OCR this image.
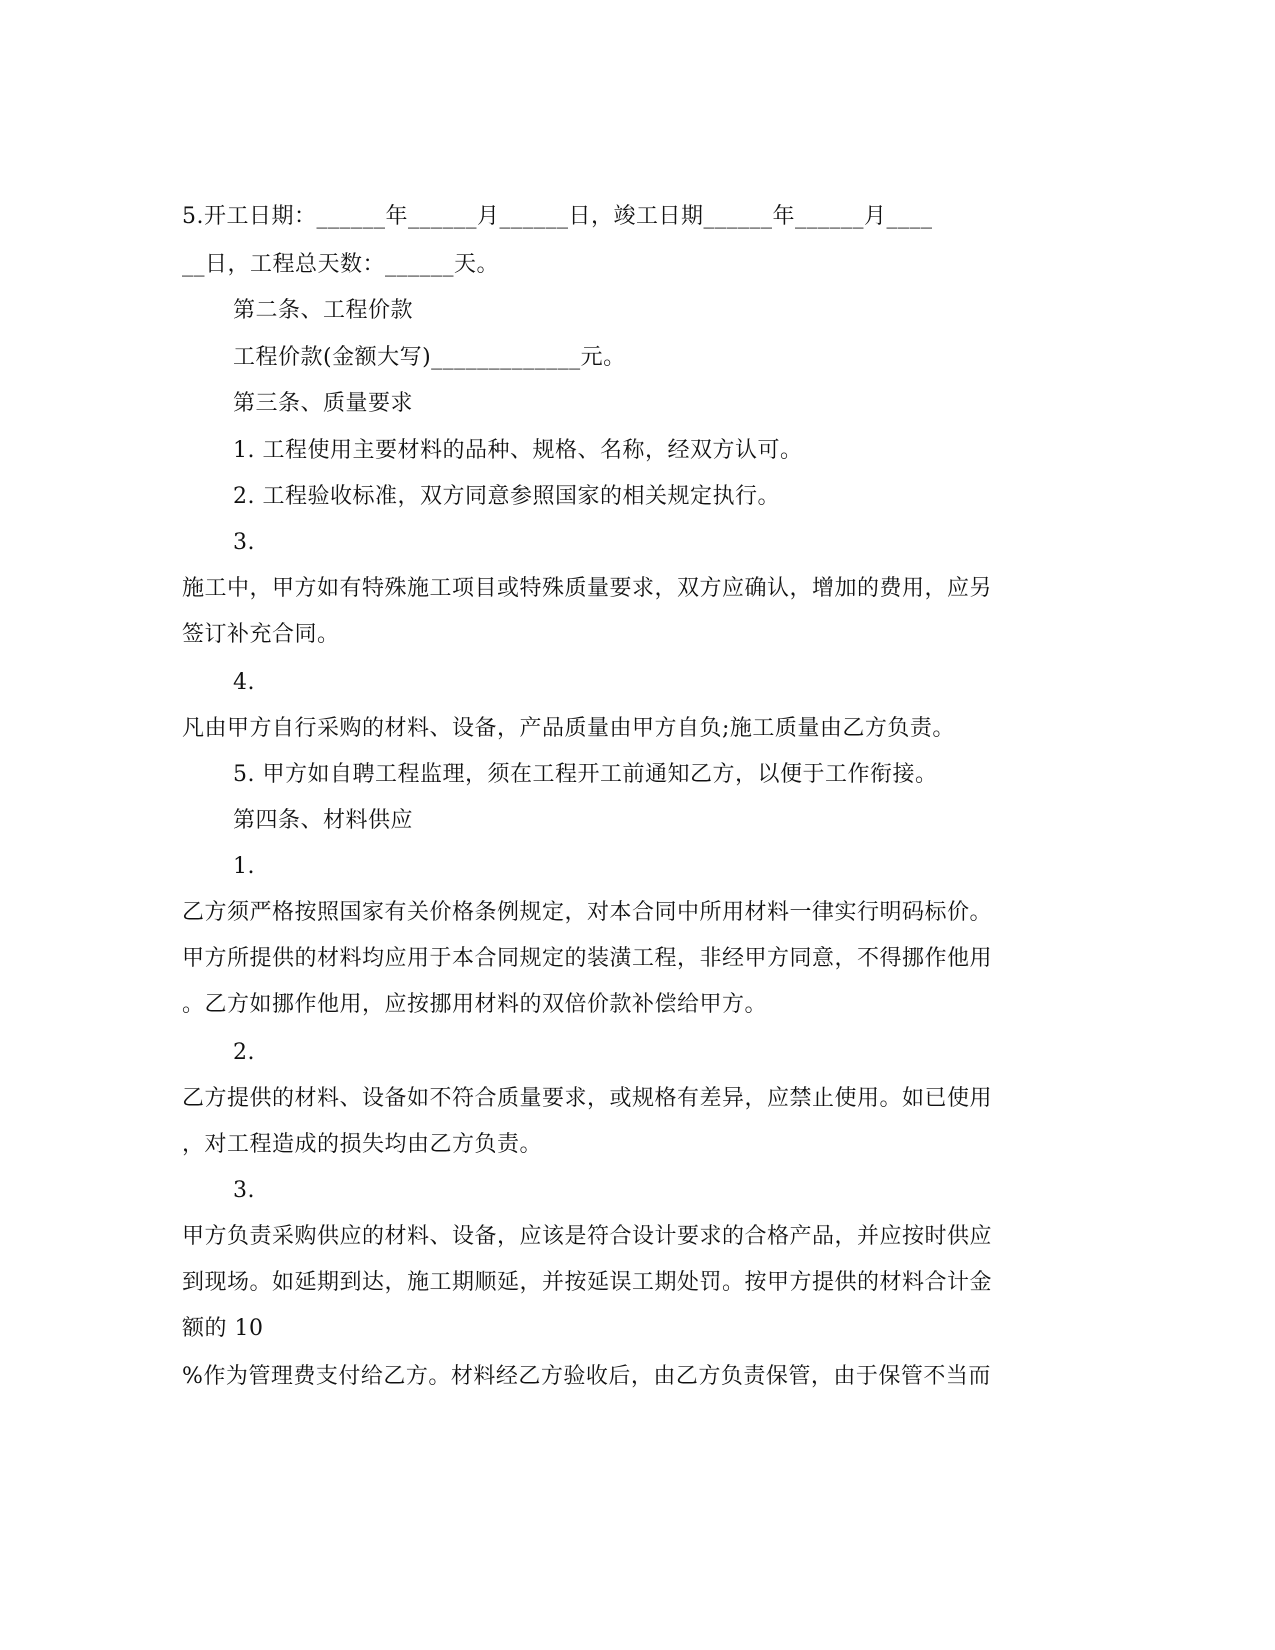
5.开工日期：______年______月______日，竣工日期______年______月____
__日，工程总天数：______天。
第二条、工程价款
工程价款(金额大写)_____________元。
第三条、质量要求
1. 工程使用主要材料的品种、规格、名称，经双方认可。
2. 工程验收标准，双方同意参照国家的相关规定执行。
3.
施工中，甲方如有特殊施工项目或特殊质量要求，双方应确认，增加的费用，应另
签订补充合同。
4.
凡由甲方自行采购的材料、设备，产品质量由甲方自负;施工质量由乙方负责。
5. 甲方如自聘工程监理，须在工程开工前通知乙方，以便于工作衔接。
第四条、材料供应
1.
乙方须严格按照国家有关价格条例规定，对本合同中所用材料一律实行明码标价。
甲方所提供的材料均应用于本合同规定的装潢工程，非经甲方同意，不得挪作他用
。乙方如挪作他用，应按挪用材料的双倍价款补偿给甲方。
2.
乙方提供的材料、设备如不符合质量要求，或规格有差异，应禁止使用。如已使用
，对工程造成的损失均由乙方负责。
3.
甲方负责采购供应的材料、设备，应该是符合设计要求的合格产品，并应按时供应
到现场。如延期到达，施工期顺延，并按延误工期处罚。按甲方提供的材料合计金
额的 10
%作为管理费支付给乙方。材料经乙方验收后，由乙方负责保管，由于保管不当而
